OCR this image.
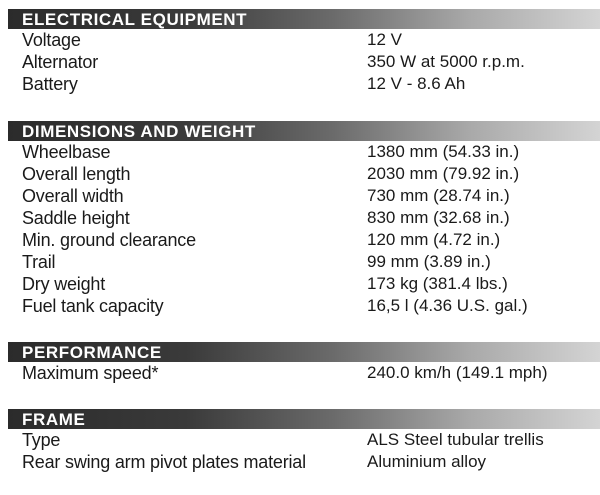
ELECTRICAL EQUIPMENT
Voltage	12 V
Alternator	350 W at 5000 r.p.m.
Battery	12 V - 8.6 Ah
DIMENSIONS AND WEIGHT
Wheelbase	1380 mm (54.33 in.)
Overall length	2030 mm (79.92 in.)
Overall width	730 mm (28.74 in.)
Saddle height	830 mm (32.68 in.)
Min. ground clearance	120 mm (4.72 in.)
Trail	99 mm (3.89 in.)
Dry weight	173 kg (381.4 lbs.)
Fuel tank capacity	16,5 l (4.36 U.S. gal.)
PERFORMANCE
Maximum speed*	240.0 km/h (149.1 mph)
FRAME
Type	ALS Steel tubular trellis
Rear swing arm pivot plates material	Aluminium alloy
